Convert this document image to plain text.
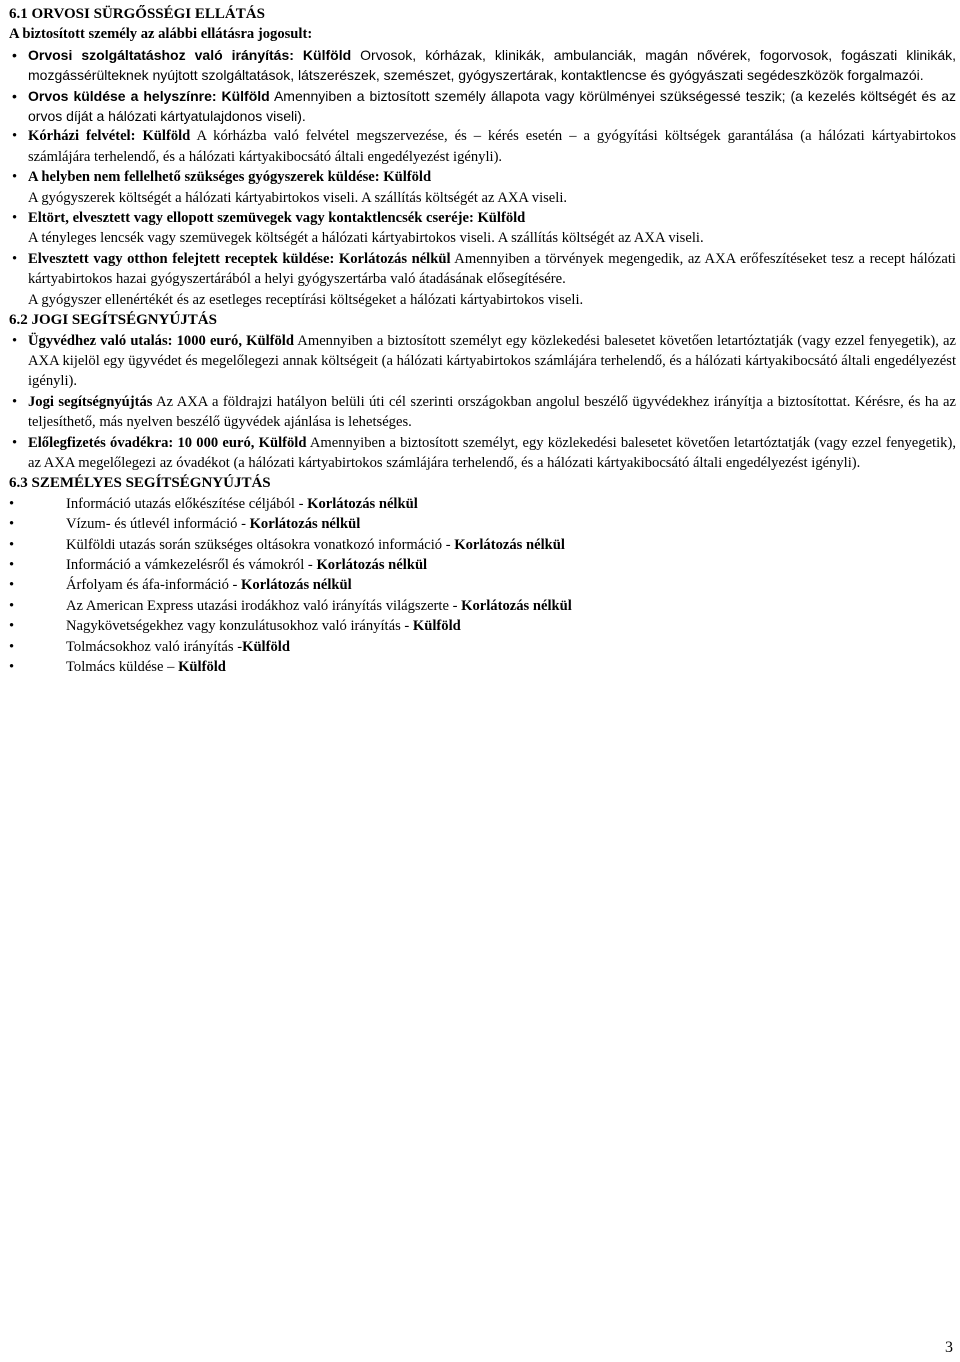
6.1 ORVOSI SÜRGŐSSÉGI ELLÁTÁS
A biztosított személy az alábbi ellátásra jogosult:
• Orvosi szolgáltatáshoz való irányítás: Külföld Orvosok, kórházak, klinikák, ambulanciák, magán nővérek, fogorvosok, fogászati klinikák, mozgássérülteknek nyújtott szolgáltatások, látszerészek, szemészet, gyógyszertárak, kontaktlencse és gyógyászati segédeszközök forgalmazói.

• Orvos küldése a helyszínre: Külföld Amennyiben a biztosított személy állapota vagy körülményei szükségessé teszik; (a kezelés költségét és az orvos díját a hálózati kártyatulajdonos viseli).

• Kórházi felvétel: Külföld A kórházba való felvétel megszervezése, és – kérés esetén – a gyógyítási költségek garantálása (a hálózati kártyabirtokos számlájára terhelendő, és a hálózati kártyakibocsátó általi engedélyezést igényli).

• A helyben nem fellelhető szükséges gyógyszerek küldése: Külföld

A gyógyszerek költségét a hálózati kártyabirtokos viseli. A szállítás költségét az AXA viseli.

• Eltört, elvesztett vagy ellopott szemüvegek vagy kontaktlencsék cseréje: Külföld

A tényleges lencsék vagy szemüvegek költségét a hálózati kártyabirtokos viseli. A szállítás költségét az AXA viseli.

• Elvesztett vagy otthon felejtett receptek küldése: Korlátozás nélkül Amennyiben a törvények megengedik, az AXA erőfeszítéseket tesz a recept hálózati kártyabirtokos hazai gyógyszertárából a helyi gyógyszertárba való átadásának elősegítésére.

A gyógyszer ellenértékét és az esetleges receptírási költségeket a hálózati kártyabirtokos viseli.

6.2 JOGI SEGÍTSÉGNYÚJTÁS
• Ügyvédhez való utalás: 1000 euró, Külföld Amennyiben a biztosított személyt egy közlekedési balesetet követően letartóztatják (vagy ezzel fenyegetik), az AXA kijelöl egy ügyvédet és megelőlegezi annak költségeit (a hálózati kártyabirtokos számlájára terhelendő, és a hálózati kártyakibocsátó általi engedélyezést igényli).

• Jogi segítségnyújtás Az AXA a földrajzi hatályon belüli úti cél szerinti országokban angolul beszélő ügyvédekhez irányítja a biztosítottat. Kérésre, és ha az teljesíthető, más nyelven beszélő ügyvédek ajánlása is lehetséges.

• Előlegfizetés óvadékra: 10 000 euró, Külföld Amennyiben a biztosított személyt, egy közlekedési balesetet követően letartóztatják (vagy ezzel fenyegetik), az AXA megelőlegezi az óvadékot (a hálózati kártyabirtokos számlájára terhelendő, és a hálózati kártyakibocsátó általi engedélyezést igényli).

6.3 SZEMÉLYES SEGÍTSÉGNYÚJTÁS
•	Információ utazás előkészítése céljából - Korlátozás nélkül
•	Vízum- és útlevél információ - Korlátozás nélkül
•	Külföldi utazás során szükséges oltásokra vonatkozó információ - Korlátozás nélkül
•	Információ a vámkezelésről és vámokról - Korlátozás nélkül
•	Árfolyam és áfa-információ - Korlátozás nélkül
•	Az American Express utazási irodákhoz való irányítás világszerte - Korlátozás nélkül
•	Nagykövetségekhez vagy konzulátusokhoz való irányítás - Külföld
•	Tolmácsokhoz való irányítás -Külföld
•	Tolmács küldése – Külföld
3
